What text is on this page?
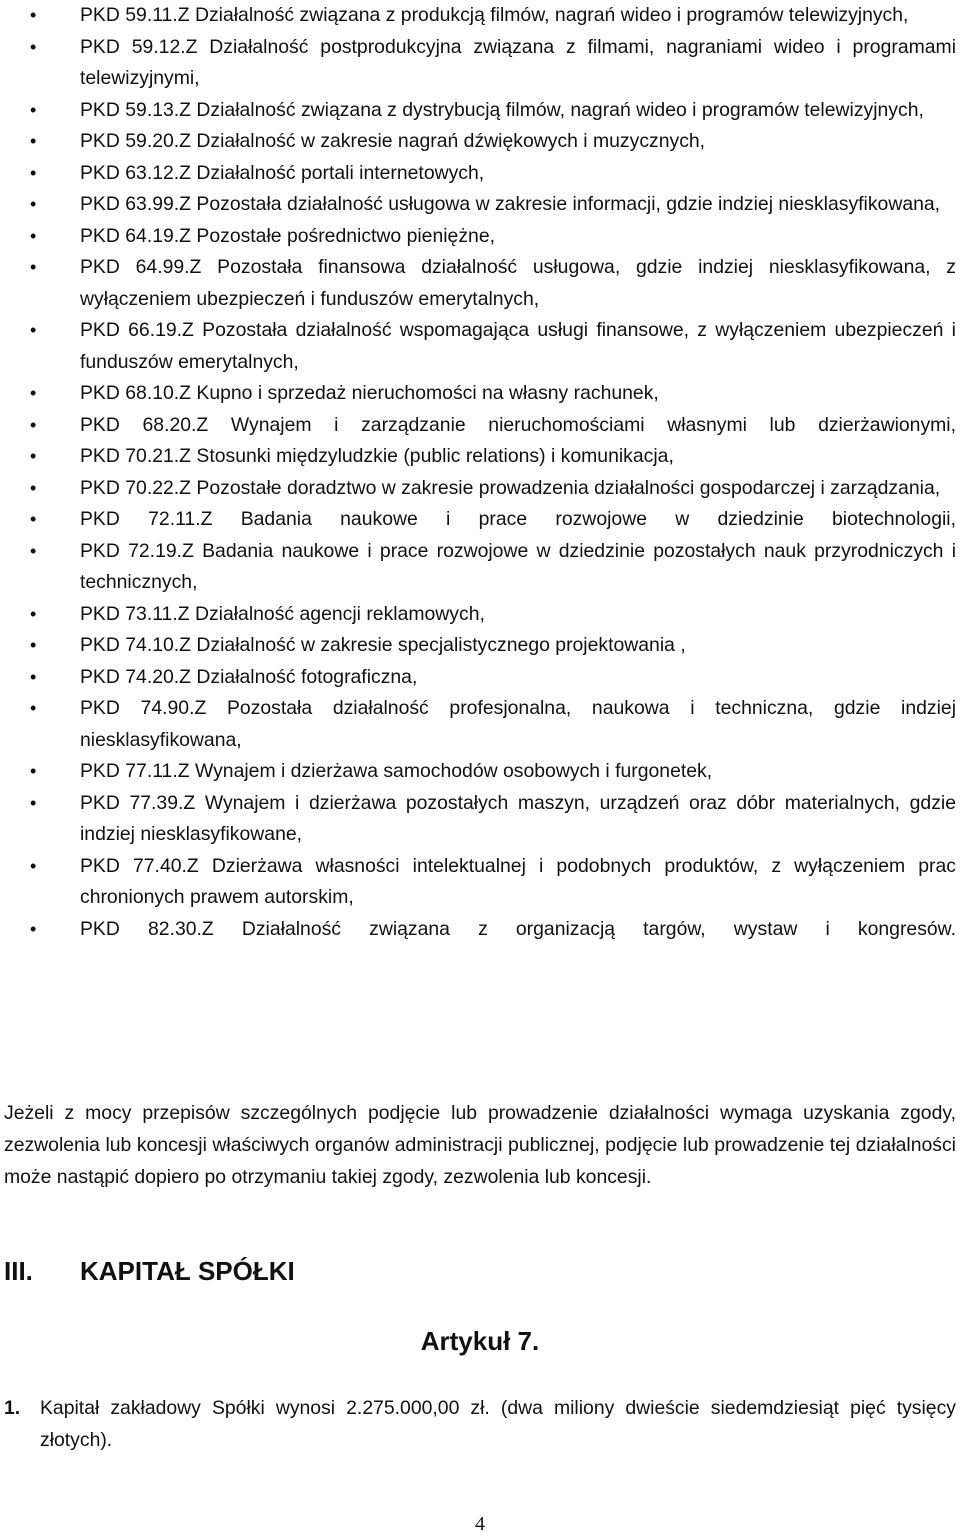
•	PKD 59.11.Z Działalność związana z produkcją filmów, nagrań wideo i programów telewizyjnych,
•	PKD 59.12.Z Działalność postprodukcyjna związana z filmami, nagraniami wideo i programami telewizyjnymi,
•	PKD 59.13.Z Działalność związana z dystrybucją filmów, nagrań wideo i programów telewizyjnych,
•	PKD 59.20.Z Działalność w zakresie nagrań dźwiękowych i muzycznych,
•	PKD 63.12.Z Działalność portali internetowych,
•	PKD 63.99.Z Pozostała działalność usługowa w zakresie informacji, gdzie indziej niesklasyfikowana,
•	PKD 64.19.Z Pozostałe pośrednictwo pieniężne,
•	PKD 64.99.Z Pozostała finansowa działalność usługowa, gdzie indziej niesklasyfikowana, z wyłączeniem ubezpieczeń i funduszów emerytalnych,
•	PKD 66.19.Z Pozostała działalność wspomagająca usługi finansowe, z wyłączeniem ubezpieczeń i funduszów emerytalnych,
•	PKD 68.10.Z Kupno i sprzedaż nieruchomości na własny rachunek,
•	PKD 68.20.Z Wynajem i zarządzanie nieruchomościami własnymi lub dzierżawionymi,
•	PKD 70.21.Z Stosunki międzyludzkie (public relations) i komunikacja,
•	PKD 70.22.Z Pozostałe doradztwo w zakresie prowadzenia działalności gospodarczej i zarządzania,
•	PKD 72.11.Z Badania naukowe i prace rozwojowe w dziedzinie biotechnologii,
•	PKD 72.19.Z Badania naukowe i prace rozwojowe w dziedzinie pozostałych nauk przyrodniczych i technicznych,
•	PKD 73.11.Z Działalność agencji reklamowych,
•	PKD 74.10.Z Działalność w zakresie specjalistycznego projektowania ,
•	PKD 74.20.Z Działalność fotograficzna,
•	PKD 74.90.Z Pozostała działalność profesjonalna, naukowa i techniczna, gdzie indziej niesklasyfikowana,
•	PKD 77.11.Z Wynajem i dzierżawa samochodów osobowych i furgonetek,
•	PKD 77.39.Z Wynajem i dzierżawa pozostałych maszyn, urządzeń oraz dóbr materialnych, gdzie indziej niesklasyfikowane,
•	PKD 77.40.Z Dzierżawa własności intelektualnej i podobnych produktów, z wyłączeniem prac chronionych prawem autorskim,
•	PKD 82.30.Z Działalność związana z organizacją targów, wystaw i kongresów.

Jeżeli z mocy przepisów szczególnych podjęcie lub prowadzenie działalności wymaga uzyskania zgody, zezwolenia lub koncesji właściwych organów administracji publicznej, podjęcie lub prowadzenie tej działalności może nastąpić dopiero po otrzymaniu takiej zgody, zezwolenia lub koncesji.

III. KAPITAŁ SPÓŁKI
Artykuł 7.

1. Kapitał zakładowy Spółki wynosi 2.275.000,00 zł. (dwa miliony dwieście siedemdziesiąt pięć tysięcy złotych).

4
